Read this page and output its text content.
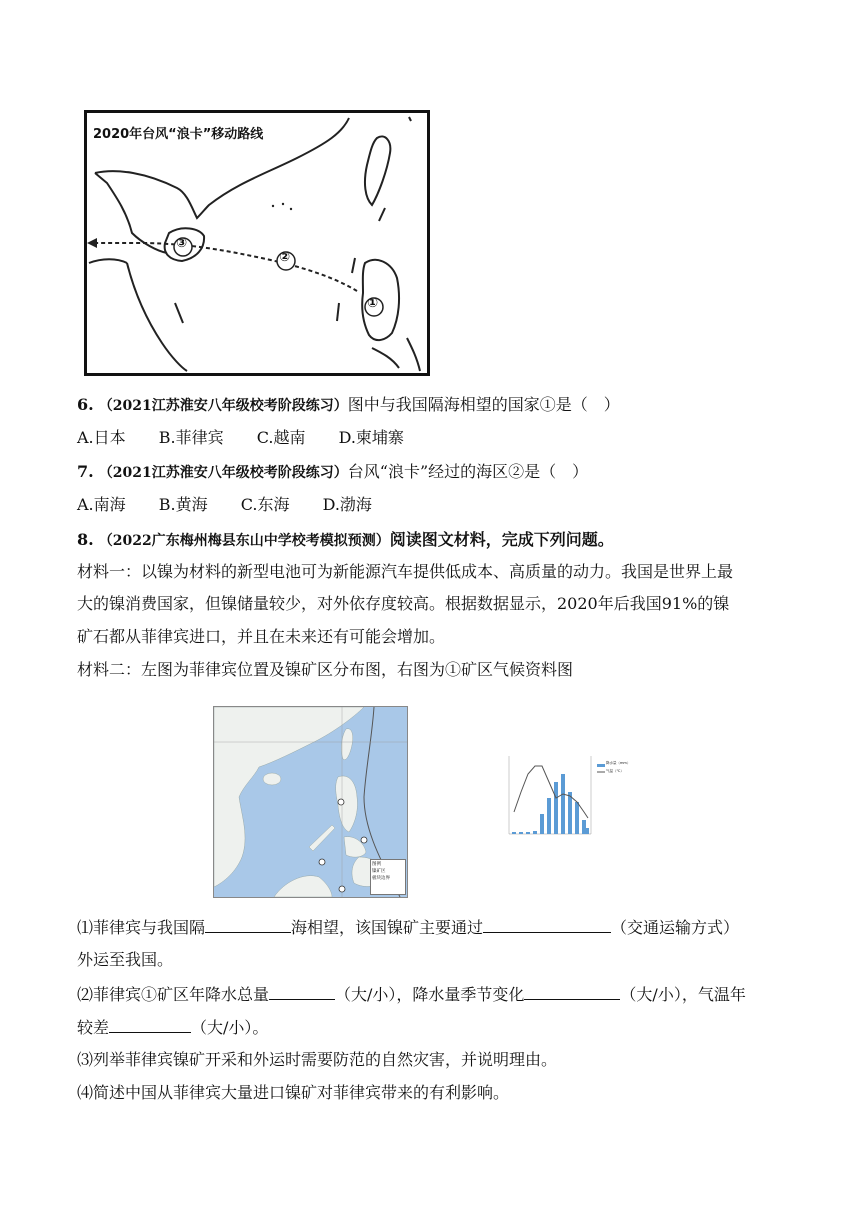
2020年台风“浪卡”移动路线
③
②
①
6. （2021江苏淮安八年级校考阶段练习）图中与我国隔海相望的国家①是（　）
A.日本 B.菲律宾 C.越南 D.柬埔寨
7. （2021江苏淮安八年级校考阶段练习）台风“浪卡”经过的海区②是（　）
A.南海 B.黄海 C.东海 D.渤海
8. （2022广东梅州梅县东山中学校考模拟预测）阅读图文材料，完成下列问题。
材料一：以镍为材料的新型电池可为新能源汽车提供低成本、高质量的动力。我国是世界上最
大的镍消费国家，但镍储量较少，对外依存度较高。根据数据显示，2020年后我国91%的镍
矿石都从菲律宾进口，并且在未来还有可能会增加。
材料二：左图为菲律宾位置及镍矿区分布图，右图为①矿区气候资料图
图例
镍矿区
板块边界
降水量（mm）
气温（℃）
⑴菲律宾与我国隔	海相望，该国镍矿主要通过	（交通运输方式）
外运至我国。
⑵菲律宾①矿区年降水总量	（大/小），降水量季节变化	（大/小），气温年
较差	（大/小）。
⑶列举菲律宾镍矿开采和外运时需要防范的自然灾害，并说明理由。
⑷简述中国从菲律宾大量进口镍矿对菲律宾带来的有利影响。
